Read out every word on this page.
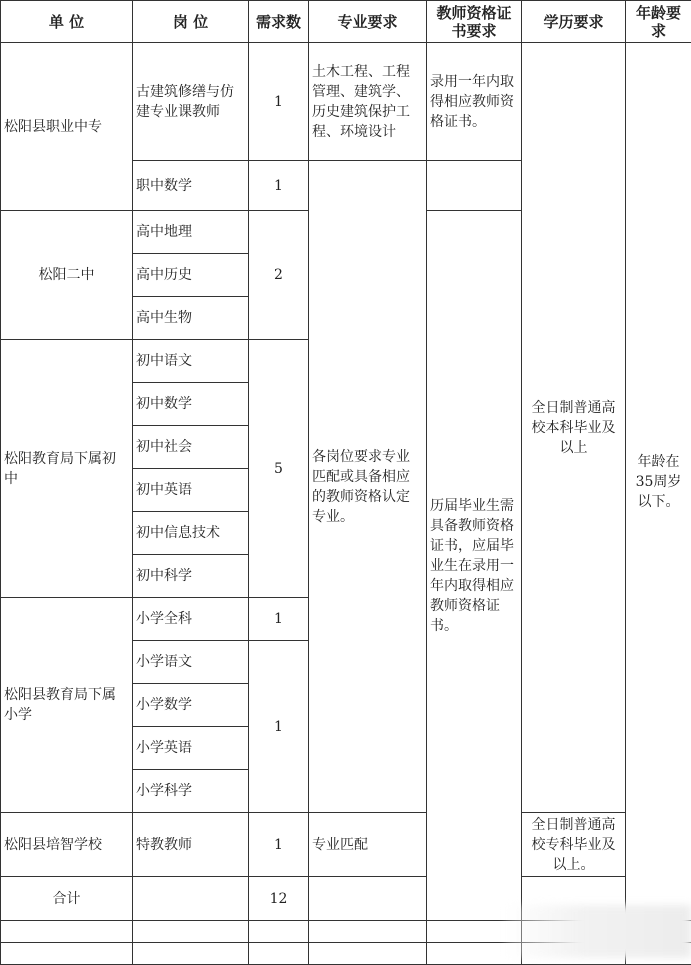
单 位	岗 位	需求数	专业要求	教师资格证书要求	学历要求	年龄要求	
松阳县职业中专	古建筑修缮与仿建专业课教师	1	土木工程、工程管理、建筑学、历史建筑保护工程、环境设计	录用一年内取得相应教师资格证书。	全日制普通高校本科毕业及以上	年龄在35周岁以下。	
	职中数学	1	各岗位要求专业匹配或具备相应的教师资格认定专业。				
松阳二中	高中地理	2		历届毕业生需具备教师资格证书，应届毕业生在录用一年内取得相应教师资格证书。			
	高中历史						
	高中生物						
松阳教育局下属初中	初中语文	5					
	初中数学						
	初中社会						
	初中英语						
	初中信息技术						
	初中科学						
松阳县教育局下属小学	小学全科	1					
	小学语文	1					
	小学数学						
	小学英语						
	小学科学						
松阳县培智学校	特教教师	1	专业匹配		全日制普通高校专科毕业及以上。		
合计		12					
